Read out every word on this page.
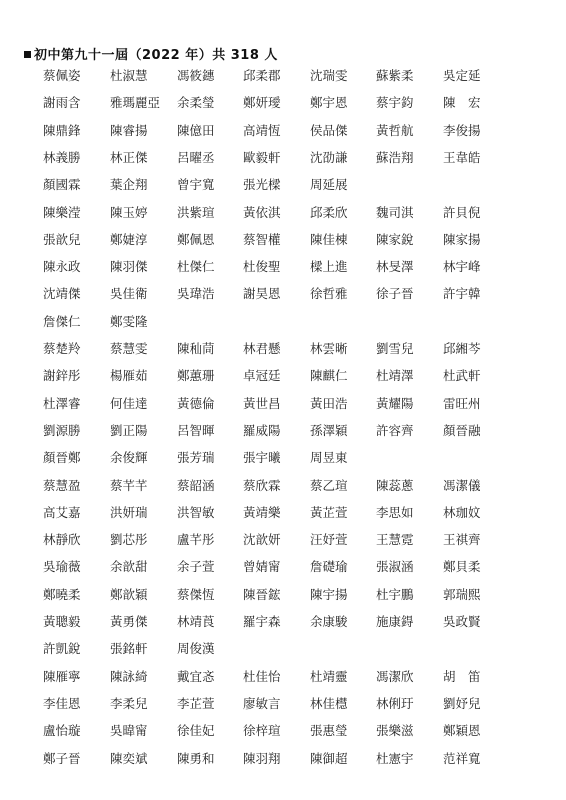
初中第九十一屆（2022 年）共 318 人
蔡佩姿	杜淑慧	馮筱鏸	邱柔郡	沈瑞雯	蘇紫柔	吳定延
謝雨含	雅瑪麗亞	余柔瑩	鄭妍璦	鄭宇恩	蔡宇鈞	陳　宏
陳鼎鋒	陳睿揚	陳億田	高靖恆	侯品傑	黃哲航	李俊揚
林義勝	林正傑	呂曜丞	歐毅軒	沈劭謙	蘇浩翔	王韋皓
顏國霖	葉企翔	曾宇寬	張光樑	周延展
陳樂滢	陳玉婷	洪紫瑄	黃依淇	邱柔欣	魏司淇	許貝倪
張歆兒	鄭婕淳	鄭佩恩	蔡智權	陳佳棟	陳家銳	陳家揚
陳永政	陳羽傑	杜傑仁	杜俊聖	樑上進	林旻澤	林宇峰
沈靖傑	吳佳衛	吳瑋浩	謝昊恩	徐哲雅	徐子晉	許宇韓
詹傑仁	鄭雯隆
蔡楚羚	蔡慧雯	陳秈茼	林君懸	林雲晰	劉雪兒	邱緗芩
謝鋅彤	楊雁茹	鄭蕙珊	卓冠廷	陳麒仁	杜靖澤	杜武軒
杜澤睿	何佳達	黃德倫	黃世昌	黃田浩	黃耀陽	雷旺州
劉源勝	劉正陽	呂智暉	羅威陽	孫澤穎	許容齊	顏晉融
顏晉鄭	余俊輝	張芳瑞	張宇曦	周昱東
蔡慧盈	蔡芊芊	蔡韶涵	蔡欣霖	蔡乙瑄	陳蕊蔥	馮潔儀
高艾嘉	洪妍瑞	洪智敏	黃靖樂	黃芷萱	李思如	林珈妏
林靜欣	劉芯彤	盧芊彤	沈歆妍	汪妤萱	王慧霓	王祺齊
吳瑜薇	余歆甜	余子萱	曾婧甯	詹礎瑜	張淑涵	鄭貝柔
鄭曉柔	鄭歆穎	蔡傑恆	陳晉鋐	陳宇揚	杜宇鵬	郭瑞熙
黃聰毅	黃勇傑	林靖莨	羅宇森	余康駿	施康鍀	吳政賢
許凱銳	張銘軒	周俊漢
陳雁寧	陳詠綺	戴宜忞	杜佳怡	杜靖靈	馮潔欣	胡　笛
李佳恩	李柔兒	李芷萱	廖敏言	林佳櫘	林俐玗	劉妤兒
盧怡璇	吳暐甯	徐佳妃	徐梓瑄	張惠瑩	張樂滋	鄭穎恩
鄭子晉	陳奕斌	陳勇和	陳羽翔	陳御超	杜憲宇	范祥寬
